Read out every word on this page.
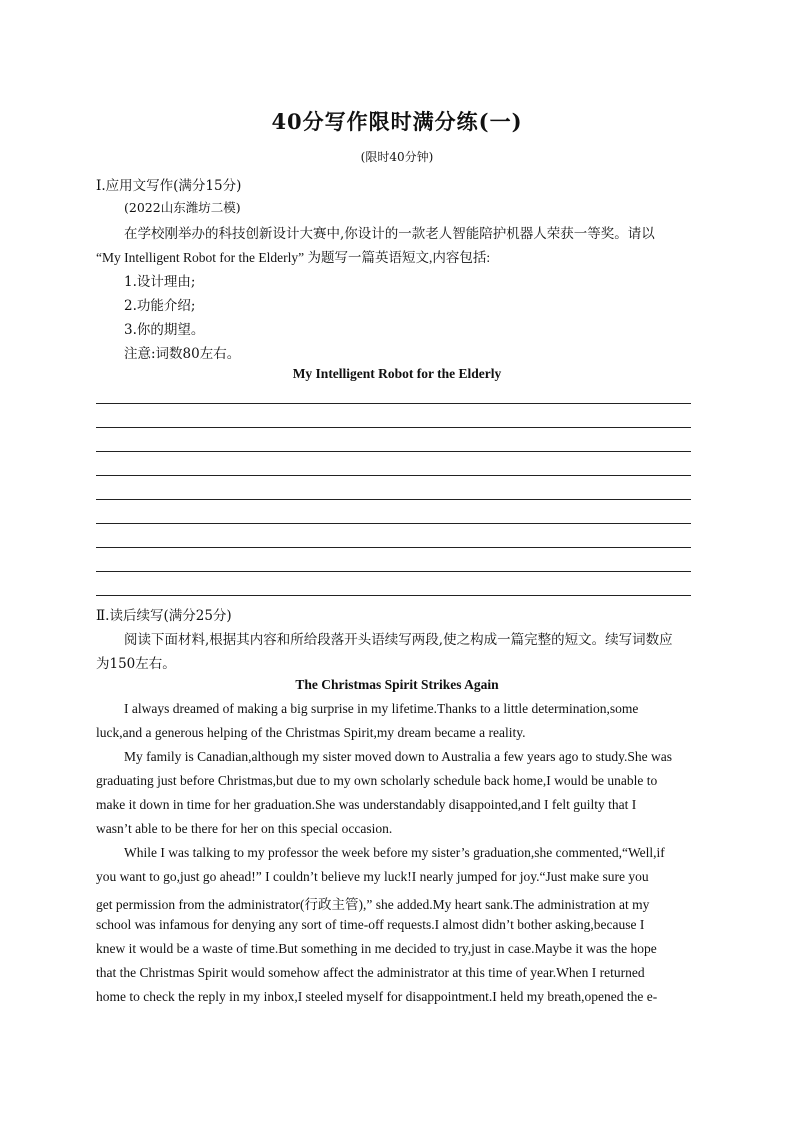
40分写作限时满分练(一)
(限时40分钟)
Ⅰ.应用文写作(满分15分)
(2022山东潍坊二模)
在学校刚举办的科技创新设计大赛中,你设计的一款老人智能陪护机器人荣获一等奖。请以
“My Intelligent Robot for the Elderly” 为题写一篇英语短文,内容包括:
1.设计理由;
2.功能介绍;
3.你的期望。
注意:词数80左右。
My Intelligent Robot for the Elderly
Ⅱ.读后续写(满分25分)
阅读下面材料,根据其内容和所给段落开头语续写两段,使之构成一篇完整的短文。续写词数应
为150左右。
The Christmas Spirit Strikes Again
I always dreamed of making a big surprise in my lifetime.Thanks to a little determination,some
luck,and a generous helping of the Christmas Spirit,my dream became a reality.
My family is Canadian,although my sister moved down to Australia a few years ago to study.She was
graduating just before Christmas,but due to my own scholarly schedule back home,I would be unable to
make it down in time for her graduation.She was understandably disappointed,and I felt guilty that I
wasn’t able to be there for her on this special occasion.
While I was talking to my professor the week before my sister’s graduation,she commented,“Well,if
you want to go,just go ahead!” I couldn’t believe my luck!I nearly jumped for joy.“Just make sure you
get permission from the administrator(行政主管),” she added.My heart sank.The administration at my
school was infamous for denying any sort of time-off requests.I almost didn’t bother asking,because I
knew it would be a waste of time.But something in me decided to try,just in case.Maybe it was the hope
that the Christmas Spirit would somehow affect the administrator at this time of year.When I returned
home to check the reply in my inbox,I steeled myself for disappointment.I held my breath,opened the e-
